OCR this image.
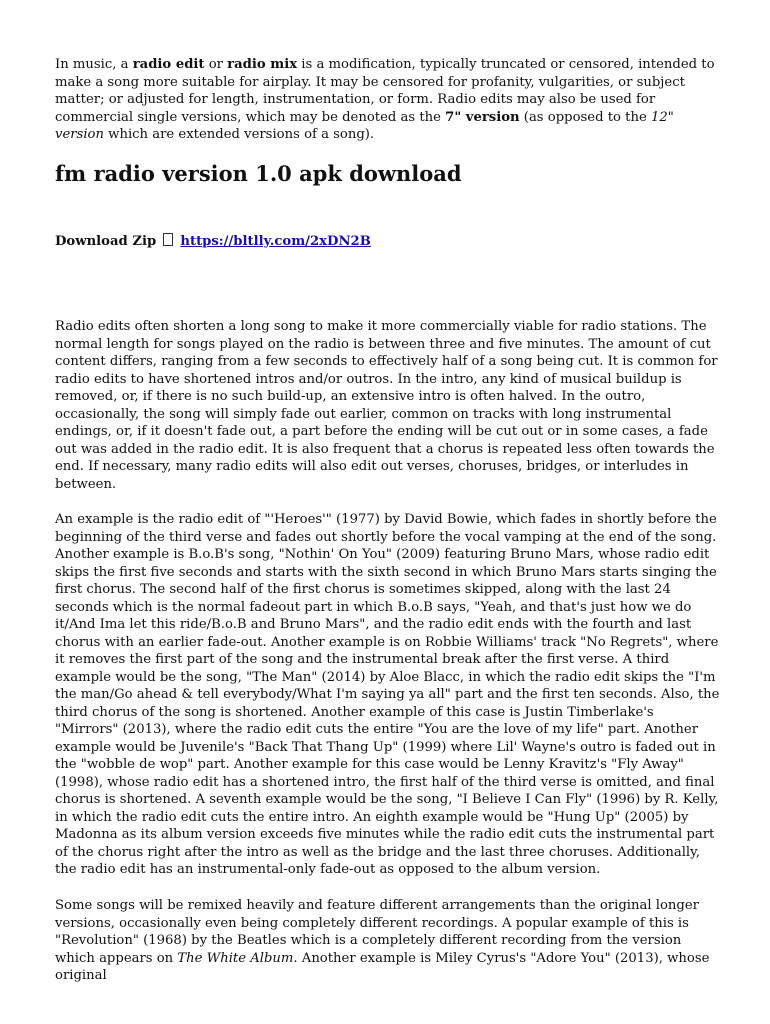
In music, a radio edit or radio mix is a modification, typically truncated or censored, intended to make a song more suitable for airplay. It may be censored for profanity, vulgarities, or subject matter; or adjusted for length, instrumentation, or form. Radio edits may also be used for commercial single versions, which may be denoted as the 7" version (as opposed to the 12" version which are extended versions of a song).

fm radio version 1.0 apk download
Download Zip https://bltlly.com/2xDN2B

Radio edits often shorten a long song to make it more commercially viable for radio stations. The normal length for songs played on the radio is between three and five minutes. The amount of cut content differs, ranging from a few seconds to effectively half of a song being cut. It is common for radio edits to have shortened intros and/or outros. In the intro, any kind of musical buildup is removed, or, if there is no such build-up, an extensive intro is often halved. In the outro, occasionally, the song will simply fade out earlier, common on tracks with long instrumental endings, or, if it doesn't fade out, a part before the ending will be cut out or in some cases, a fade out was added in the radio edit. It is also frequent that a chorus is repeated less often towards the end. If necessary, many radio edits will also edit out verses, choruses, bridges, or interludes in between.

An example is the radio edit of "'Heroes'" (1977) by David Bowie, which fades in shortly before the beginning of the third verse and fades out shortly before the vocal vamping at the end of the song. Another example is B.o.B's song, "Nothin' On You" (2009) featuring Bruno Mars, whose radio edit skips the first five seconds and starts with the sixth second in which Bruno Mars starts singing the first chorus. The second half of the first chorus is sometimes skipped, along with the last 24 seconds which is the normal fadeout part in which B.o.B says, "Yeah, and that's just how we do it/And Ima let this ride/B.o.B and Bruno Mars", and the radio edit ends with the fourth and last chorus with an earlier fade-out. Another example is on Robbie Williams' track "No Regrets", where it removes the first part of the song and the instrumental break after the first verse. A third example would be the song, "The Man" (2014) by Aloe Blacc, in which the radio edit skips the "I'm the man/Go ahead & tell everybody/What I'm saying ya all" part and the first ten seconds. Also, the third chorus of the song is shortened. Another example of this case is Justin Timberlake's "Mirrors" (2013), where the radio edit cuts the entire "You are the love of my life" part. Another example would be Juvenile's "Back That Thang Up" (1999) where Lil' Wayne's outro is faded out in the "wobble de wop" part. Another example for this case would be Lenny Kravitz's "Fly Away" (1998), whose radio edit has a shortened intro, the first half of the third verse is omitted, and final chorus is shortened. A seventh example would be the song, "I Believe I Can Fly" (1996) by R. Kelly, in which the radio edit cuts the entire intro. An eighth example would be "Hung Up" (2005) by Madonna as its album version exceeds five minutes while the radio edit cuts the instrumental part of the chorus right after the intro as well as the bridge and the last three choruses. Additionally, the radio edit has an instrumental-only fade-out as opposed to the album version.

Some songs will be remixed heavily and feature different arrangements than the original longer versions, occasionally even being completely different recordings. A popular example of this is "Revolution" (1968) by the Beatles which is a completely different recording from the version which appears on The White Album. Another example is Miley Cyrus's "Adore You" (2013), whose original
